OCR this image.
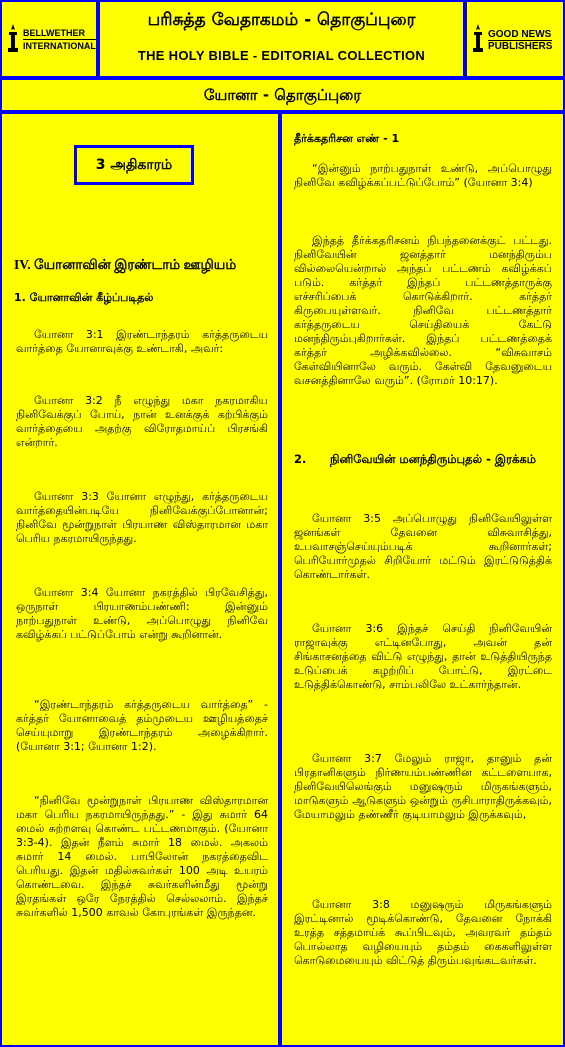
BELLWETHER
INTERNATIONAL
பரிசுத்த வேதாகமம் - தொகுப்புரை
THE HOLY BIBLE - EDITORIAL COLLECTION
GOOD NEWS
PUBLISHERS
யோனா - தொகுப்புரை
3 அதிகாரம்
IV. யோனாவின் இரண்டாம் ஊழியம்
1. யோனாவின் கீழ்ப்படிதல்

யோனா 3:1 இரண்டாந்தரம் கர்த்தருடைய வார்த்தை யோனாவுக்கு உண்டாகி, அவர்:

யோனா 3:2 நீ எழுந்து மகா நகரமாகிய நினிவேக்குப் போய், நான் உனக்குக் கற்பிக்கும் வார்த்தையை அதற்கு விரோதமாய்ப் பிரசங்கி என்றார்.

யோனா 3:3 யோனா எழுந்து, கர்த்தருடைய வார்த்தையின்படியே நினிவேக்குப்போனான்; நினிவே மூன்றுநாள் பிரயாண விஸ்தாரமான மகா பெரிய நகரமாயிருந்தது.

யோனா 3:4 யோனா நகரத்தில் பிரவேசித்து, ஒருநாள் பிரயாணம்பண்ணி: இன்னும் நாற்பதுநாள் உண்டு, அப்பொழுது நினிவே கவிழ்க்கப் பட்டுப்போம் என்று கூறினான்.

“இரண்டாந்தரம் கர்த்தருடைய வார்த்தை” - கர்த்தர் யோனாவைத் தம்முடைய ஊழியத்தைச் செய்யுமாறு இரண்டாந்தரம் அழைக்கிறார். (யோனா 3:1; யோனா 1:2).

“நினிவே மூன்றுநாள் பிரயாண விஸ்தாரமான மகா பெரிய நகரமாயிருந்தது.” - இது சுமார் 64 மைல் சுற்றளவு கொண்ட பட்டணமாகும். (யோனா 3:3-4). இதன் நீளம் சுமார் 18 மைல். அகலம் சுமார் 14 மைல். பாபிலோன் நகரத்தைவிட பெரியது. இதன் மதில்சுவர்கள் 100 அடி உயரம் கொண்டவை. இந்தச் சுவர்களின்மீது மூன்று இரதங்கள் ஒரே நேரத்தில் செல்லலாம். இந்தச் சுவர்களில் 1,500 காவல் கோபுரங்கள் இருந்தன.

தீர்க்கதரிசன எண் - 1

“இன்னும் நாற்பதுநாள் உண்டு, அப்பொழுது நினிவே கவிழ்க்கப்பட்டுப்போம்” (யோனா 3:4)

இந்தத் தீர்க்கதரிசனம் நிபந்தனைக்குட் பட்டது. நினிவேயின் ஜனத்தார் மனந்திரும்ப வில்லையென்றால் அந்தப் பட்டணம் கவிழ்க்கப் படும். கர்த்தர் இந்தப் பட்டணத்தாருக்கு எச்சரிப்பைக் கொடுக்கிறார். கர்த்தர் கிருபையுள்ளவர். நினிவே பட்டணத்தார் கர்த்தருடைய செய்தியைக் கேட்டு மனந்திரும்புகிறார்கள். இந்தப் பட்டணத்தைக் கர்த்தர் அழிக்கவில்லை. “விசுவாசம் கேள்வியினாலே வரும். கேள்வி தேவனுடைய வசனத்தினாலே வரும்”. (ரோமர் 10:17).

2.	நினிவேயின் மனந்திரும்புதல் - இரக்கம்

யோனா 3:5 அப்பொழுது நினிவேயிலுள்ள ஜனங்கள் தேவனை விசுவாசித்து, உபவாசஞ்செய்யும்படிக் கூறினார்கள்; பெரியோர்முதல் சிறியோர் மட்டும் இரட்டுடுத்திக் கொண்டார்கள்.

யோனா 3:6 இந்தச் செய்தி நினிவேயின் ராஜாவுக்கு எட்டினபோது, அவன் தன் சிங்காசனத்தை விட்டு எழுந்து, தான் உடுத்தியிருந்த உடுப்பைக் கழற்றிப் போட்டு, இரட்டை உடுத்திக்கொண்டு, சாம்பலிலே உட்கார்ந்தான்.

யோனா 3:7 மேலும் ராஜா, தானும் தன் பிரதானிகளும் நிர்ணயம்பண்ணின கட்டளையாக, நினிவேயிலெங்கும் மனுஷரும் மிருகங்களும், மாடுகளும் ஆடுகளும் ஒன்றும் ருசிபாராதிருக்கவும், மேயாமலும் தண்ணீர் குடியாமலும் இருக்கவும்,

யோனா 3:8 மனுஷரும் மிருகங்களும் இரட்டினால் மூடிக்கொண்டு, தேவனை நோக்கி உரத்த சத்தமாய்க் கூப்பிடவும், அவரவர் தம்தம் பொல்லாத வழியையும் தம்தம் கைகளிலுள்ள கொடுமையையும் விட்டுத் திரும்பவுங்கடவர்கள்.
